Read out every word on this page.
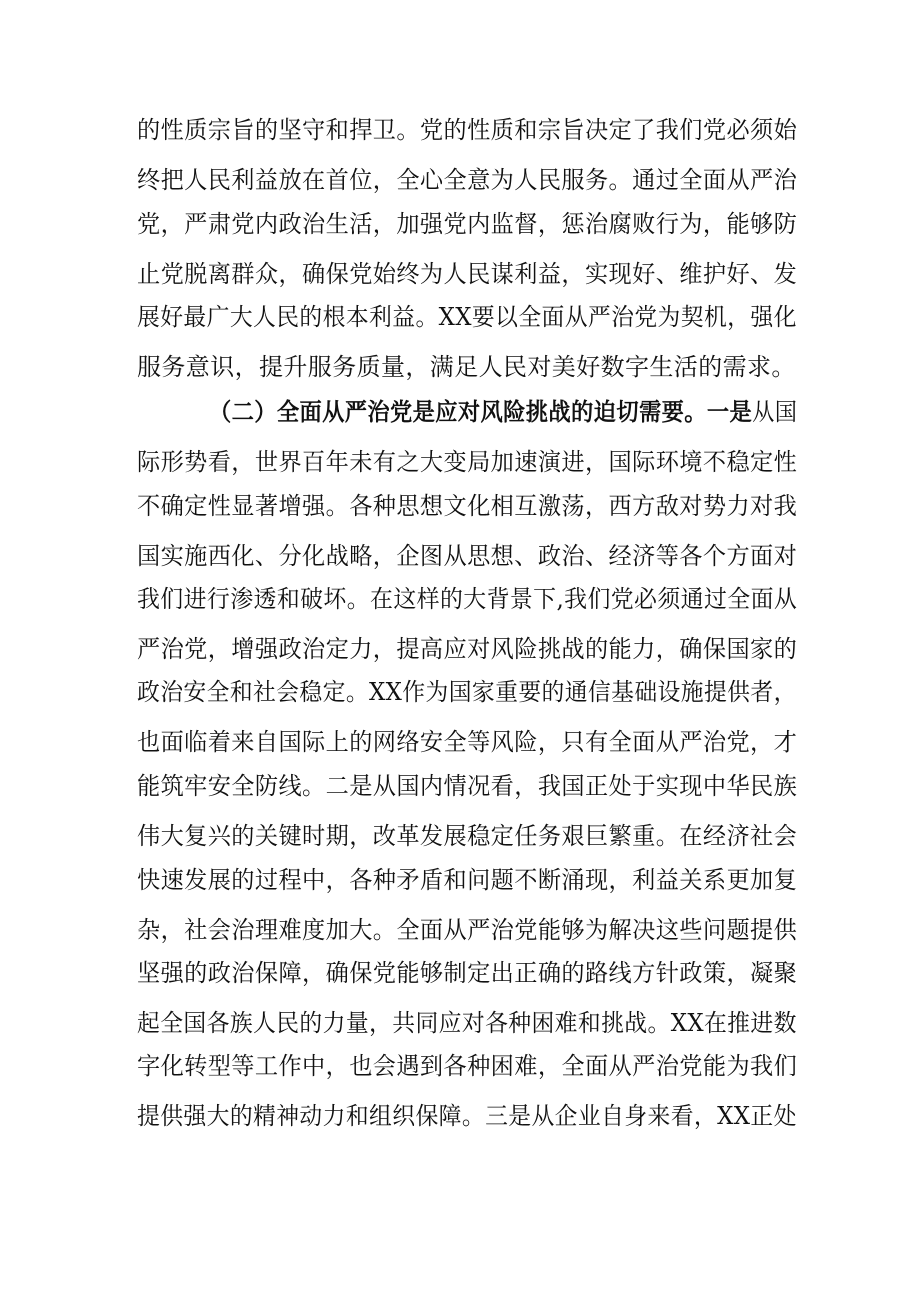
的性质宗旨的坚守和捍卫。党的性质和宗旨决定了我们党必须始
终把人民利益放在首位，全心全意为人民服务。通过全面从严治
党，严肃党内政治生活，加强党内监督，惩治腐败行为，能够防
止党脱离群众，确保党始终为人民谋利益，实现好、维护好、发
展好最广大人民的根本利益。XX要以全面从严治党为契机，强化
服务意识，提升服务质量，满足人民对美好数字生活的需求。
（二）全面从严治党是应对风险挑战的迫切需要。一是从国
际形势看，世界百年未有之大变局加速演进，国际环境不稳定性
不确定性显著增强。各种思想文化相互激荡，西方敌对势力对我
国实施西化、分化战略，企图从思想、政治、经济等各个方面对
我们进行渗透和破坏。在这样的大背景下,我们党必须通过全面从
严治党，增强政治定力，提高应对风险挑战的能力，确保国家的
政治安全和社会稳定。XX作为国家重要的通信基础设施提供者，
也面临着来自国际上的网络安全等风险，只有全面从严治党，才
能筑牢安全防线。二是从国内情况看，我国正处于实现中华民族
伟大复兴的关键时期，改革发展稳定任务艰巨繁重。在经济社会
快速发展的过程中，各种矛盾和问题不断涌现，利益关系更加复
杂，社会治理难度加大。全面从严治党能够为解决这些问题提供
坚强的政治保障，确保党能够制定出正确的路线方针政策，凝聚
起全国各族人民的力量，共同应对各种困难和挑战。XX在推进数
字化转型等工作中，也会遇到各种困难，全面从严治党能为我们
提供强大的精神动力和组织保障。三是从企业自身来看，XX正处
